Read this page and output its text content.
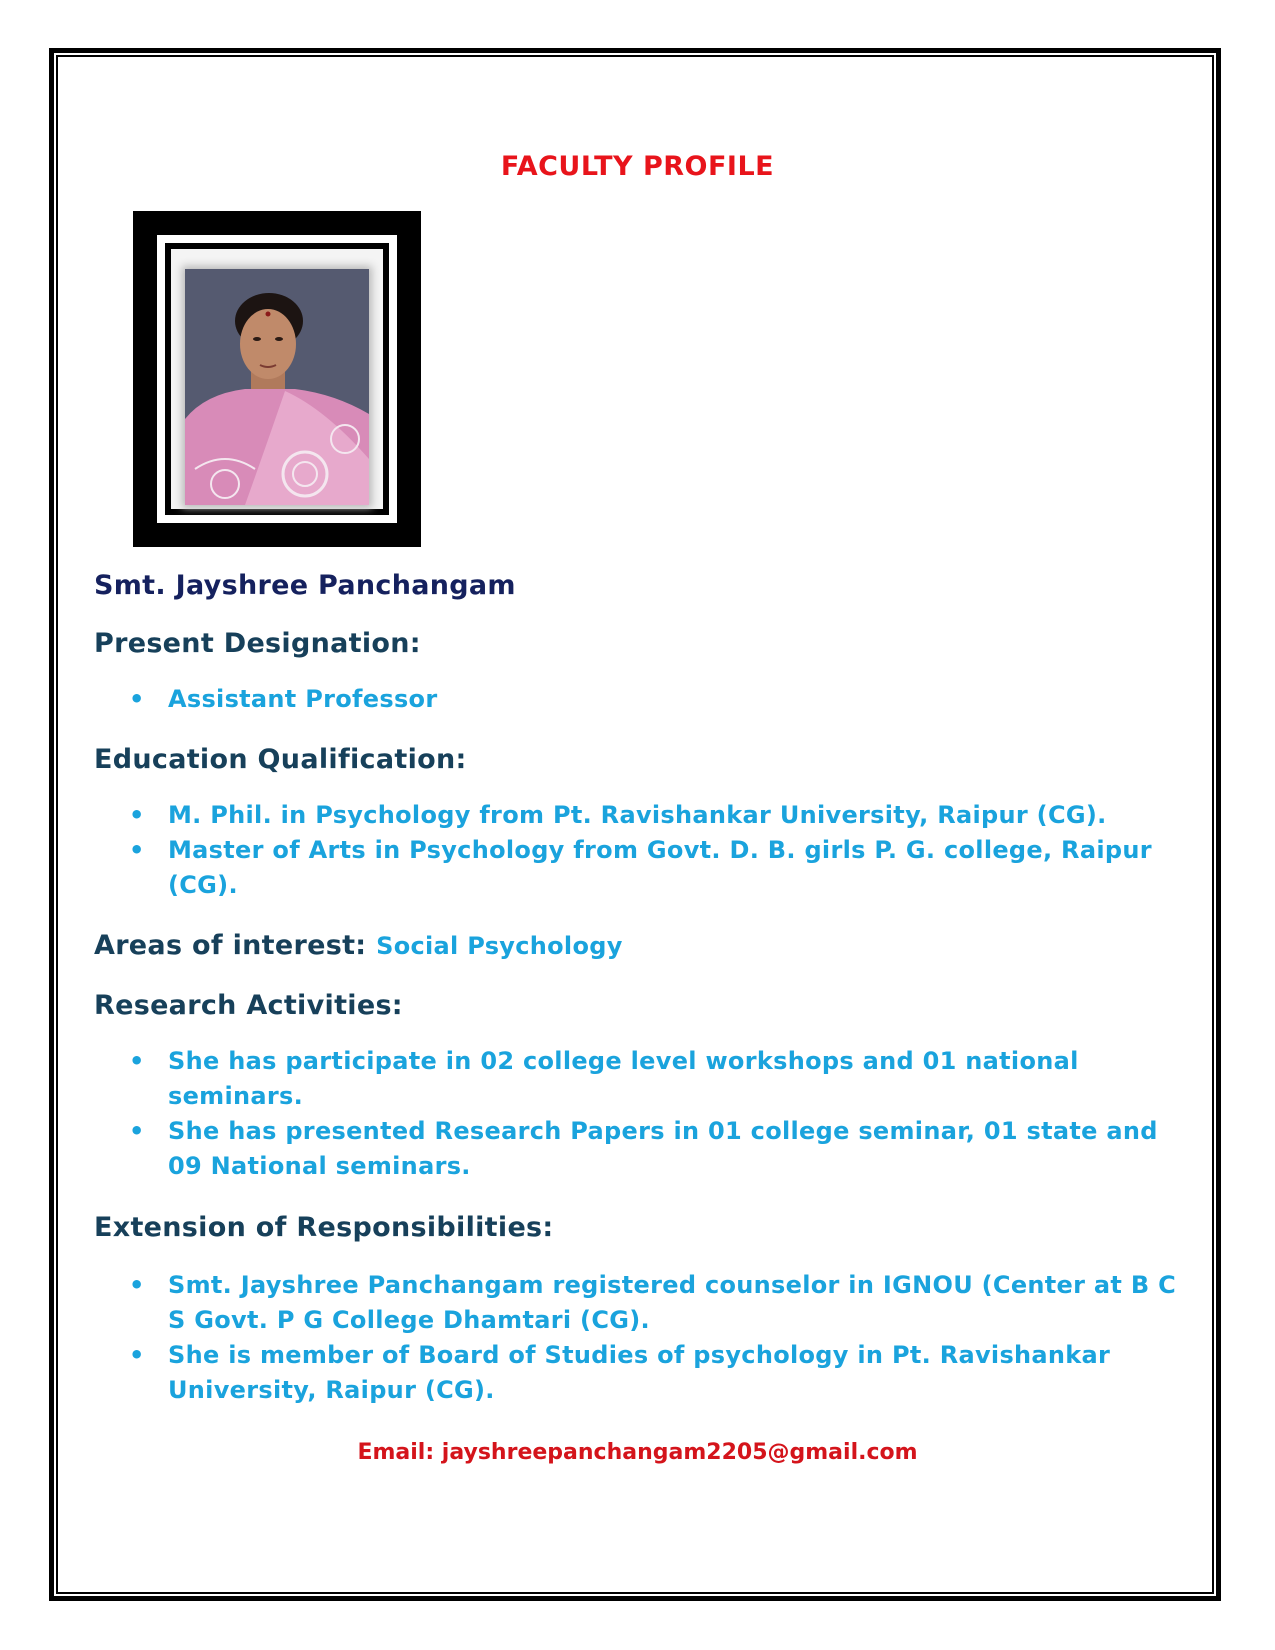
FACULTY PROFILE
Smt. Jayshree Panchangam
Present Designation:
• Assistant Professor
Education Qualification:
• M. Phil. in Psychology from Pt. Ravishankar University, Raipur (CG).
• Master of Arts in Psychology from Govt. D. B. girls P. G. college, Raipur (CG).
Areas of interest: Social Psychology
Research Activities:
• She has participate in 02 college level workshops and 01 national seminars.
• She has presented Research Papers in 01 college seminar, 01 state and 09 National seminars.
Extension of Responsibilities:
• Smt. Jayshree Panchangam registered counselor in IGNOU (Center at B C S Govt. P G College Dhamtari (CG).
• She is member of Board of Studies of psychology in Pt. Ravishankar University, Raipur (CG).
Email: jayshreepanchangam2205@gmail.com
